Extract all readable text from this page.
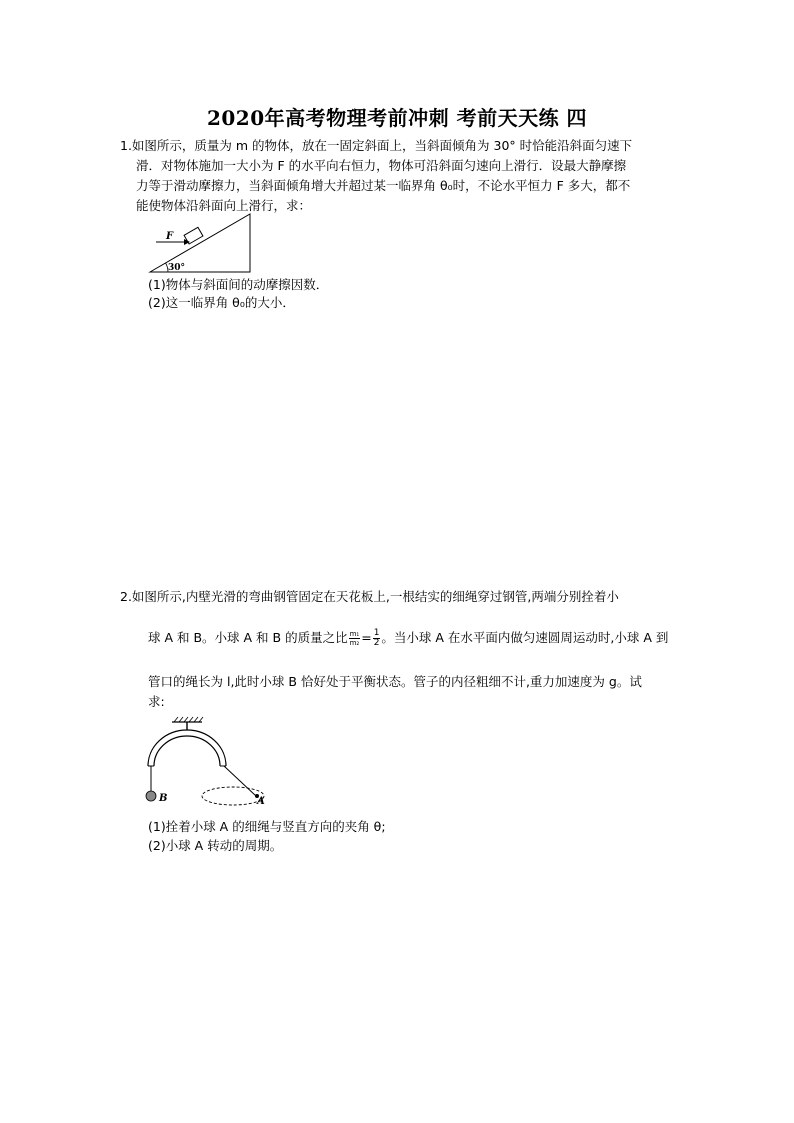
2020年高考物理考前冲刺 考前天天练 四
1.如图所示，质量为 m 的物体，放在一固定斜面上，当斜面倾角为 30° 时恰能沿斜面匀速下
滑．对物体施加一大小为 F 的水平向右恒力，物体可沿斜面匀速向上滑行．设最大静摩擦
力等于滑动摩擦力，当斜面倾角增大并超过某一临界角 θ₀时，不论水平恒力 F 多大，都不
能使物体沿斜面向上滑行，求：
F
30°
(1)物体与斜面间的动摩擦因数．
(2)这一临界角 θ₀的大小．
2.如图所示,内壁光滑的弯曲钢管固定在天花板上,一根结实的细绳穿过钢管,两端分别拴着小
球 A 和 B。小球 A 和 B 的质量之比 $\frac{\text{m₁}}{\text{m₂}} = \frac{1}{2}$ 。当小球 A 在水平面内做匀速圆周运动时,小球 A 到
管口的绳长为 l,此时小球 B 恰好处于平衡状态。管子的内径粗细不计,重力加速度为 g。试
求:
B	A
(1)拴着小球 A 的细绳与竖直方向的夹角 θ;
(2)小球 A 转动的周期。
